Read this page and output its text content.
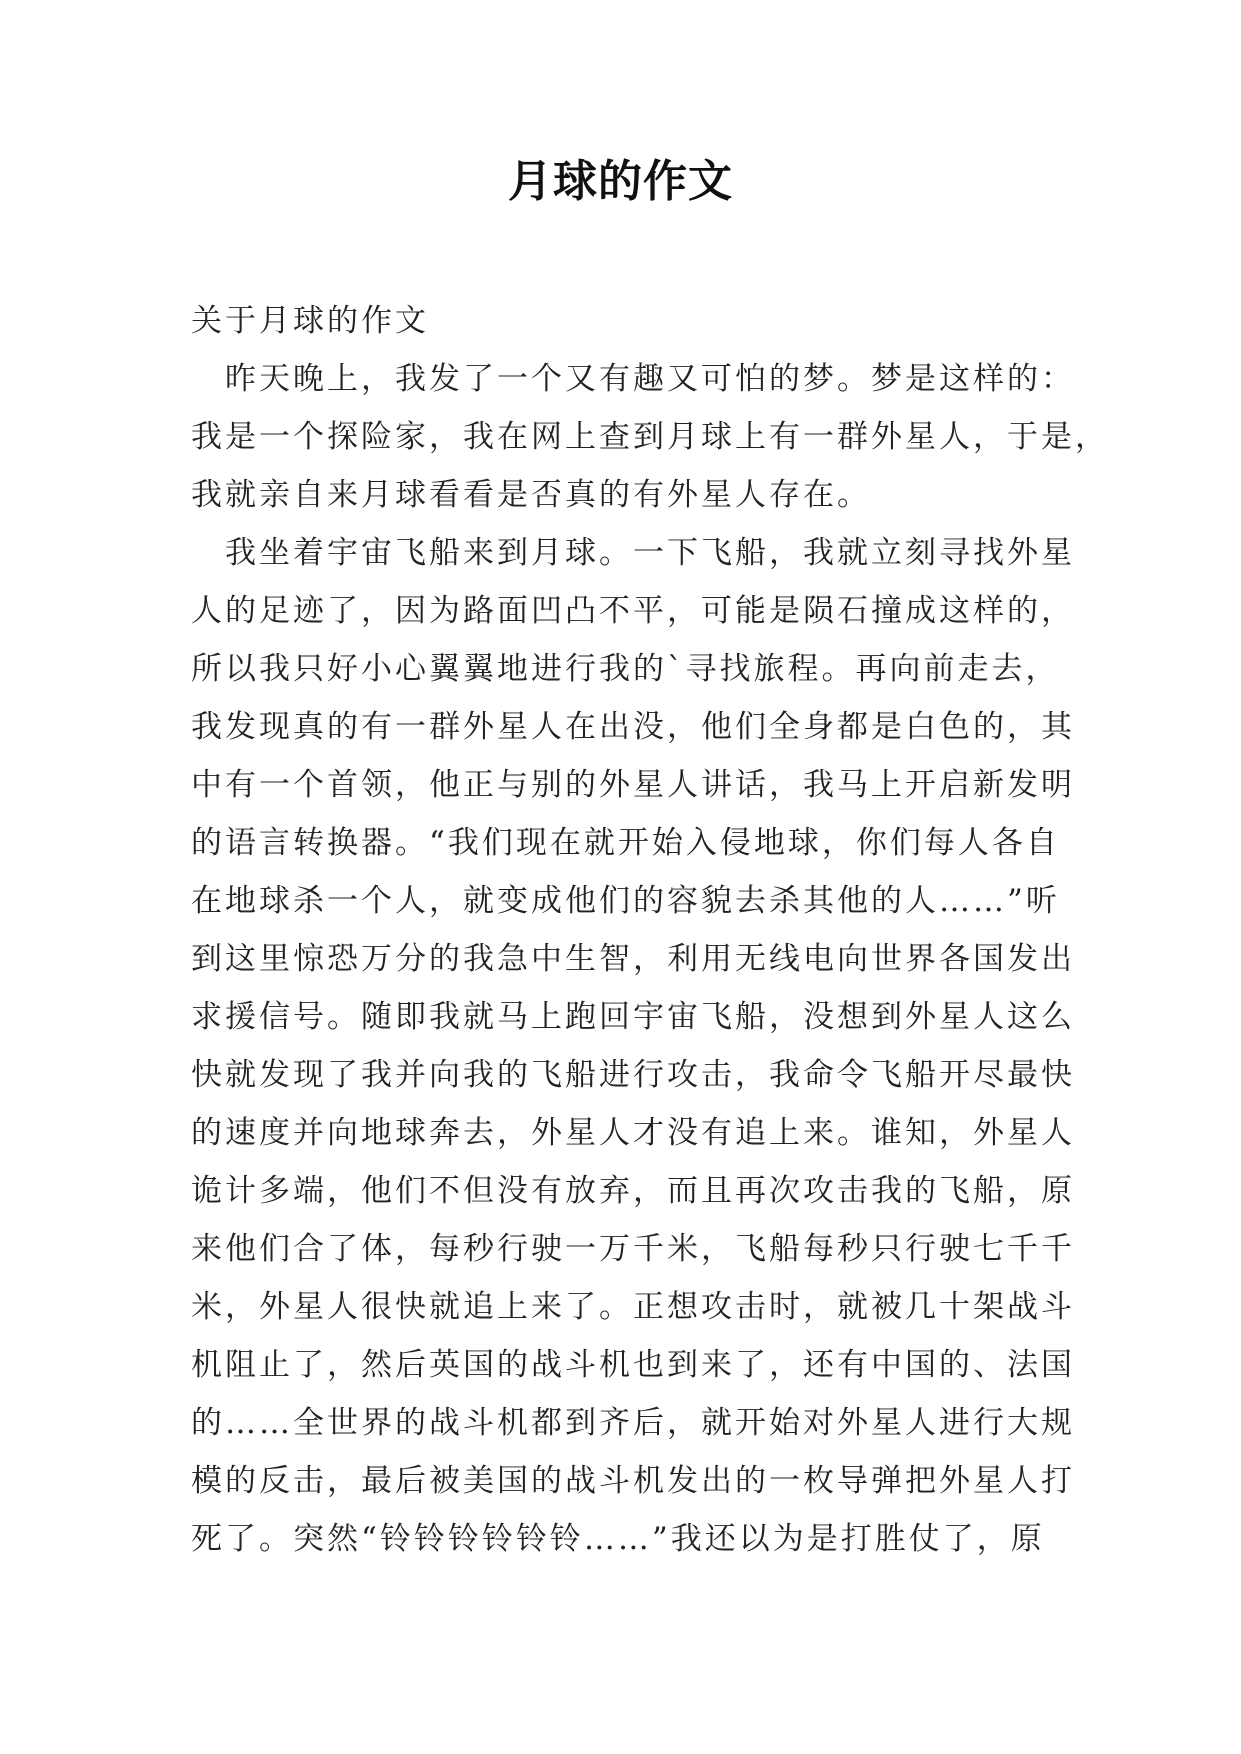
月球的作文
关于月球的作文
　昨天晚上，我发了一个又有趣又可怕的梦。梦是这样的：
我是一个探险家，我在网上查到月球上有一群外星人，于是，
我就亲自来月球看看是否真的有外星人存在。
　我坐着宇宙飞船来到月球。一下飞船，我就立刻寻找外星
人的足迹了，因为路面凹凸不平，可能是陨石撞成这样的，
所以我只好小心翼翼地进行我的`寻找旅程。再向前走去，
我发现真的有一群外星人在出没，他们全身都是白色的，其
中有一个首领，他正与别的外星人讲话，我马上开启新发明
的语言转换器。“我们现在就开始入侵地球，你们每人各自
在地球杀一个人，就变成他们的容貌去杀其他的人……”听
到这里惊恐万分的我急中生智，利用无线电向世界各国发出
求援信号。随即我就马上跑回宇宙飞船，没想到外星人这么
快就发现了我并向我的飞船进行攻击，我命令飞船开尽最快
的速度并向地球奔去，外星人才没有追上来。谁知，外星人
诡计多端，他们不但没有放弃，而且再次攻击我的飞船，原
来他们合了体，每秒行驶一万千米，飞船每秒只行驶七千千
米，外星人很快就追上来了。正想攻击时，就被几十架战斗
机阻止了，然后英国的战斗机也到来了，还有中国的、法国
的……全世界的战斗机都到齐后，就开始对外星人进行大规
模的反击，最后被美国的战斗机发出的一枚导弹把外星人打
死了。突然“铃铃铃铃铃铃……”我还以为是打胜仗了，原
